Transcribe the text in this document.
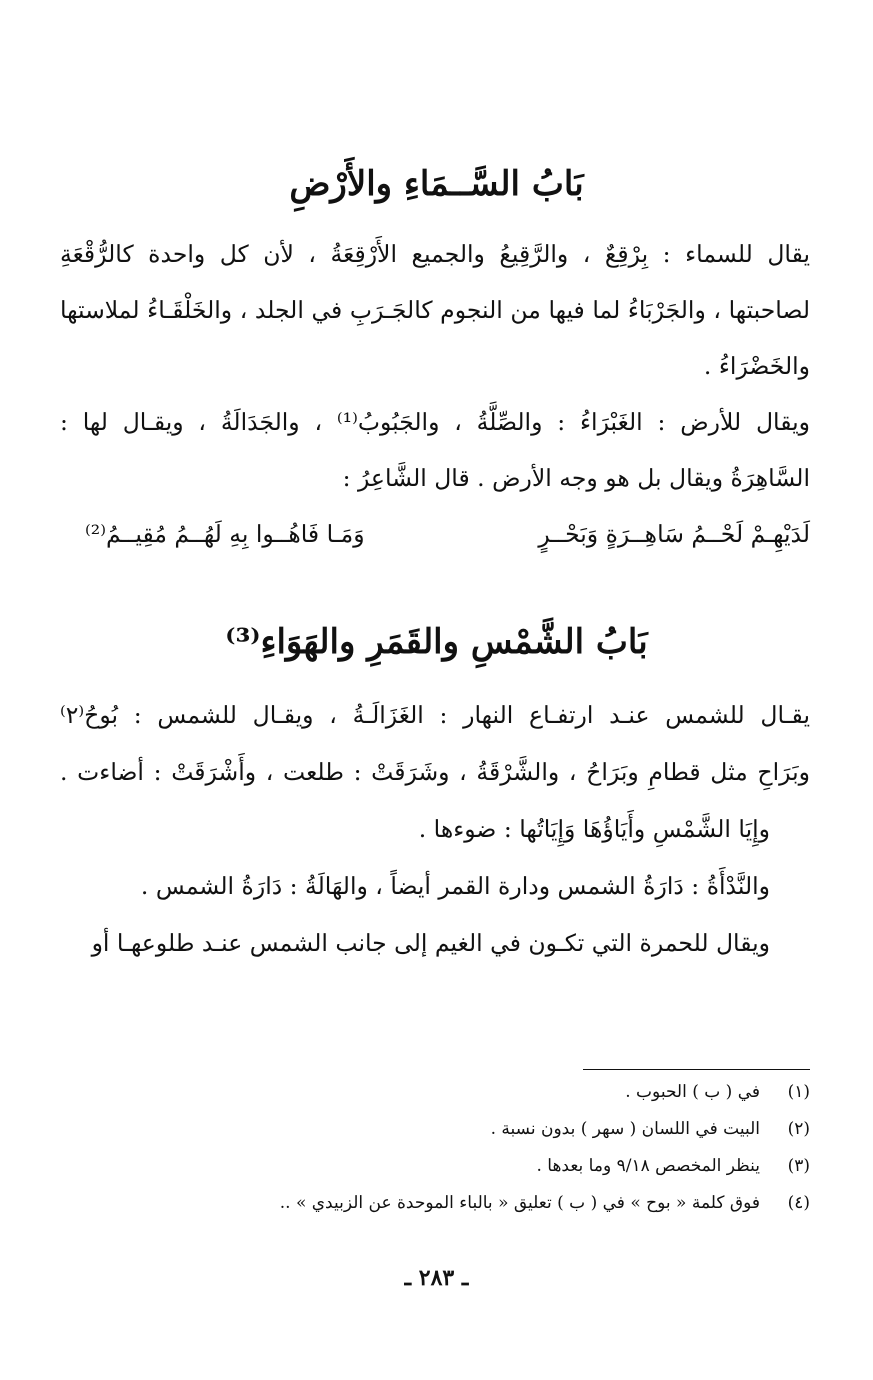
بَابُ السَّــمَاءِ والأَرْضِ
يقال للسماء : بِرْقِعٌ ، والرَّقِيعُ والجميع الأَرْقِعَةُ ، لأن كل واحدة كالرُّقْعَةِ
لصاحبتها ، والجَرْبَاءُ لما فيها من النجوم كالجَـرَبِ في الجلد ، والخَلْقَـاءُ لملاستها
والخَضْرَاءُ .
ويقال للأرض : الغَبْرَاءُ : والصِّلَّةُ ، والجَبُوبُ⁽¹⁾ ، والجَدَالَةُ ، ويقـال لها :
السَّاهِرَةُ ويقال بل هو وجه الأرض . قال الشَّاعِرُ :
لَدَيْهِـمْ لَحْــمُ سَاهِــرَةٍ وَبَحْــرٍ
وَمَـا فَاهُــوا بِهِ لَهُــمُ مُقِيــمُ⁽²⁾
بَابُ الشَّمْسِ والقَمَرِ والهَوَاءِ⁽³⁾
يقـال للشمس عنـد ارتفـاع النهار : الغَزَالَـةُ ، ويقـال للشمس : بُوحُ⁽٢⁾
وبَرَاحِ مثل قطامِ وبَرَاحُ ، والشَّرْقَةُ ، وشَرَقَتْ : طلعت ، وأَشْرَقَتْ : أضاءت .
وإِيَا الشَّمْسِ وأَيَاؤُهَا وَإِيَاتُها : ضوءها .
والنَّدْأَةُ : دَارَةُ الشمس ودارة القمر أيضاً ، والهَالَةُ : دَارَةُ الشمس .
ويقال للحمرة التي تكـون في الغيم إلى جانب الشمس عنـد طلوعهـا أو
(١)في ( ب ) الحبوب .
(٢)البيت في اللسان ( سهر ) بدون نسبة .
(٣)ينظر المخصص ٩/١٨ وما بعدها .
(٤)فوق كلمة « بوح » في ( ب ) تعليق « بالباء الموحدة عن الزبيدي » ..
ـ ٢٨٣ ـ
